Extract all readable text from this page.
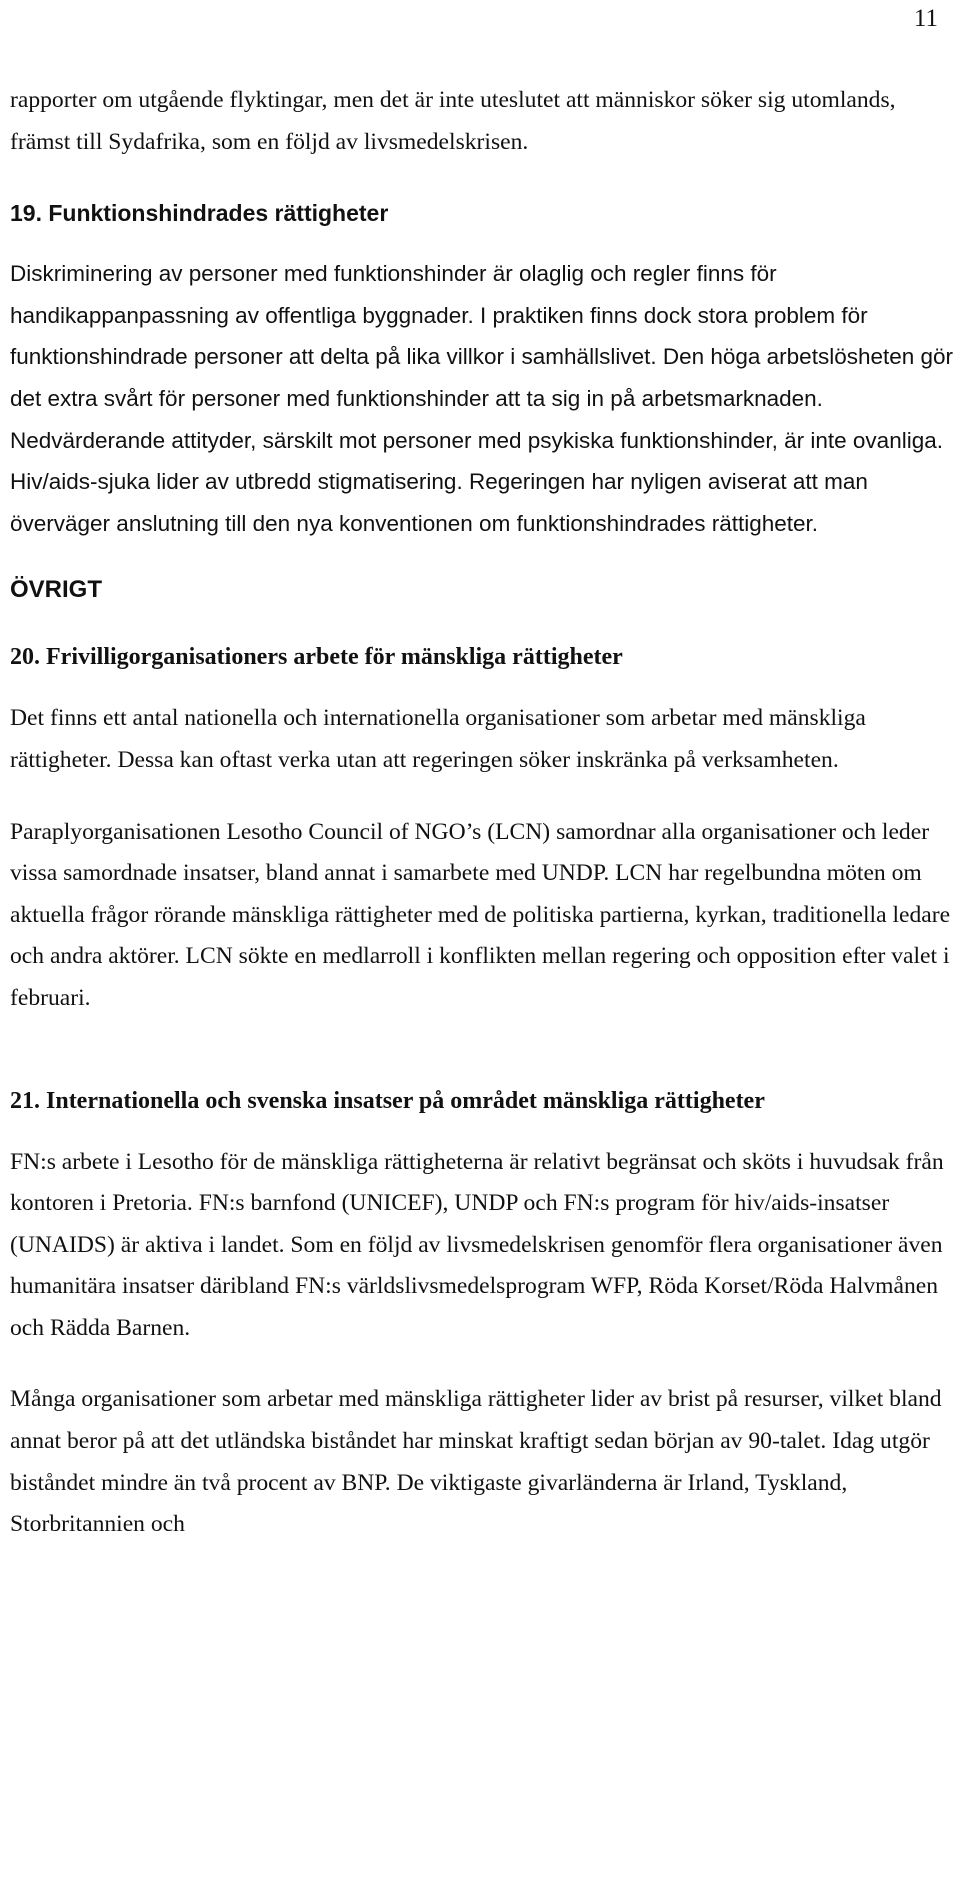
11

rapporter om utgående flyktingar, men det är inte uteslutet att människor söker sig utomlands, främst till Sydafrika, som en följd av livsmedelskrisen.

19. Funktionshindrades rättigheter

Diskriminering av personer med funktionshinder är olaglig och regler finns för handikappanpassning av offentliga byggnader. I praktiken finns dock stora problem för funktionshindrade personer att delta på lika villkor i samhällslivet. Den höga arbetslösheten gör det extra svårt för personer med funktionshinder att ta sig in på arbetsmarknaden. Nedvärderande attityder, särskilt mot personer med psykiska funktionshinder, är inte ovanliga. Hiv/aids-sjuka lider av utbredd stigmatisering. Regeringen har nyligen aviserat att man överväger anslutning till den nya konventionen om funktionshindrades rättigheter.

ÖVRIGT
20. Frivilligorganisationers arbete för mänskliga rättigheter

Det finns ett antal nationella och internationella organisationer som arbetar med mänskliga rättigheter. Dessa kan oftast verka utan att regeringen söker inskränka på verksamheten.

Paraplyorganisationen Lesotho Council of NGO’s (LCN) samordnar alla organisationer och leder vissa samordnade insatser, bland annat i samarbete med UNDP. LCN har regelbundna möten om aktuella frågor rörande mänskliga rättigheter med de politiska partierna, kyrkan, traditionella ledare och andra aktörer. LCN sökte en medlarroll i konflikten mellan regering och opposition efter valet i februari.

21. Internationella och svenska insatser på området mänskliga rättigheter

FN:s arbete i Lesotho för de mänskliga rättigheterna är relativt begränsat och sköts i huvudsak från kontoren i Pretoria. FN:s barnfond (UNICEF), UNDP och FN:s program för hiv/aids-insatser (UNAIDS) är aktiva i landet. Som en följd av livsmedelskrisen genomför flera organisationer även humanitära insatser däribland FN:s världslivsmedelsprogram WFP, Röda Korset/Röda Halvmånen och Rädda Barnen.

Många organisationer som arbetar med mänskliga rättigheter lider av brist på resurser, vilket bland annat beror på att det utländska biståndet har minskat kraftigt sedan början av 90-talet. Idag utgör biståndet mindre än två procent av BNP. De viktigaste givarländerna är Irland, Tyskland, Storbritannien och
